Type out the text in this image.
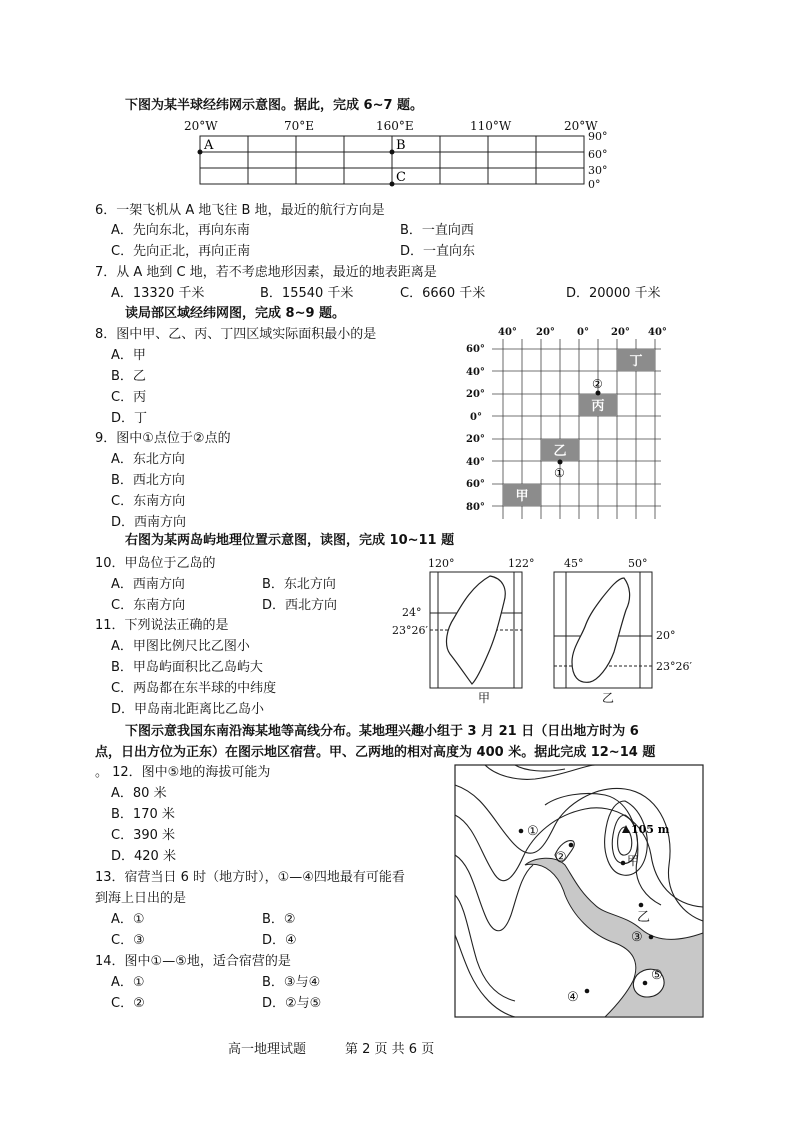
下图为某半球经纬网示意图。据此，完成 6~7 题。
20°W	70°E	160°E	110°W	20°W
90°
60°
30°
0°
A	B
C
6．一架飞机从 A 地飞往 B 地，最近的航行方向是
A．先向东北，再向东南	B．一直向西
C．先向正北，再向正南	D．一直向东
7．从 A 地到 C 地，若不考虑地形因素，最近的地表距离是
A．13320 千米	B．15540 千米	C．6660 千米	D．20000 千米
读局部区域经纬网图，完成 8~9 题。
8．图中甲、乙、丙、丁四区域实际面积最小的是
A．甲
B．乙
C．丙
D．丁
9．图中①点位于②点的
A．东北方向
B．西北方向
C．东南方向
D．西南方向
40° 20° 0° 20° 40°
60°
40°
20°
0°
20°
40°
60°
80°
丁
丙
乙
甲
②
①
右图为某两岛屿地理位置示意图，读图，完成 10~11 题
10．甲岛位于乙岛的
A．西南方向	B．东北方向
C．东南方向	D．西北方向
11．下列说法正确的是
A．甲图比例尺比乙图小
B．甲岛屿面积比乙岛屿大
C．两岛都在东半球的中纬度
D．甲岛南北距离比乙岛小
120°	122°
24°
23°26′
45°	50°
20°
23°26′
甲	乙
下图示意我国东南沿海某地等高线分布。某地理兴趣小组于 3 月 21 日（日出地方时为 6
点，日出方位为正东）在图示地区宿营。甲、乙两地的相对高度为 400 米。据此完成 12~14 题
。 12．图中⑤地的海拔可能为
A．80 米
B．170 米
C．390 米
D．420 米
13．宿营当日 6 时（地方时），①—④四地最有可能看
到海上日出的是
A．①	B．②
C．③	D．④
14．图中①—⑤地，适合宿营的是
A．①	B．③与④
C．②	D．②与⑤
105 m
①
②	甲
乙
③
④
⑤
高一地理试题	第 2 页 共 6 页
